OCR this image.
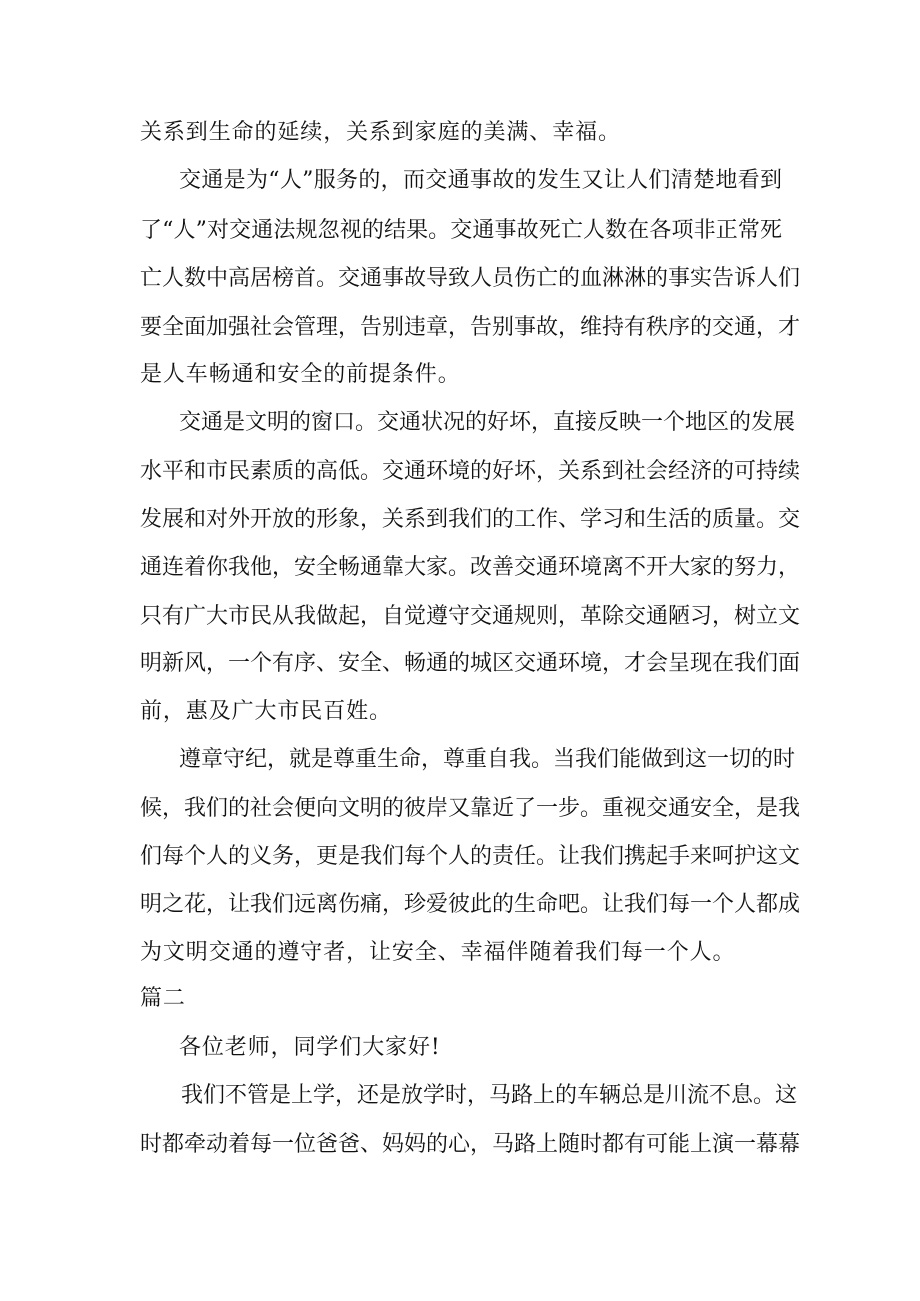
关系到生命的延续，关系到家庭的美满、幸福。
交通是为“人”服务的，而交通事故的发生又让人们清楚地看到
了“人”对交通法规忽视的结果。交通事故死亡人数在各项非正常死
亡人数中高居榜首。交通事故导致人员伤亡的血淋淋的事实告诉人们
要全面加强社会管理，告别违章，告别事故，维持有秩序的交通，才
是人车畅通和安全的前提条件。
交通是文明的窗口。交通状况的好坏，直接反映一个地区的发展
水平和市民素质的高低。交通环境的好坏，关系到社会经济的可持续
发展和对外开放的形象，关系到我们的工作、学习和生活的质量。交
通连着你我他，安全畅通靠大家。改善交通环境离不开大家的努力，
只有广大市民从我做起，自觉遵守交通规则，革除交通陋习，树立文
明新风，一个有序、安全、畅通的城区交通环境，才会呈现在我们面
前，惠及广大市民百姓。
遵章守纪，就是尊重生命，尊重自我。当我们能做到这一切的时
候，我们的社会便向文明的彼岸又靠近了一步。重视交通安全，是我
们每个人的义务，更是我们每个人的责任。让我们携起手来呵护这文
明之花，让我们远离伤痛，珍爱彼此的生命吧。让我们每一个人都成
为文明交通的遵守者，让安全、幸福伴随着我们每一个人。
篇二
各位老师，同学们大家好!
我们不管是上学，还是放学时，马路上的车辆总是川流不息。这
时都牵动着每一位爸爸、妈妈的心，马路上随时都有可能上演一幕幕
